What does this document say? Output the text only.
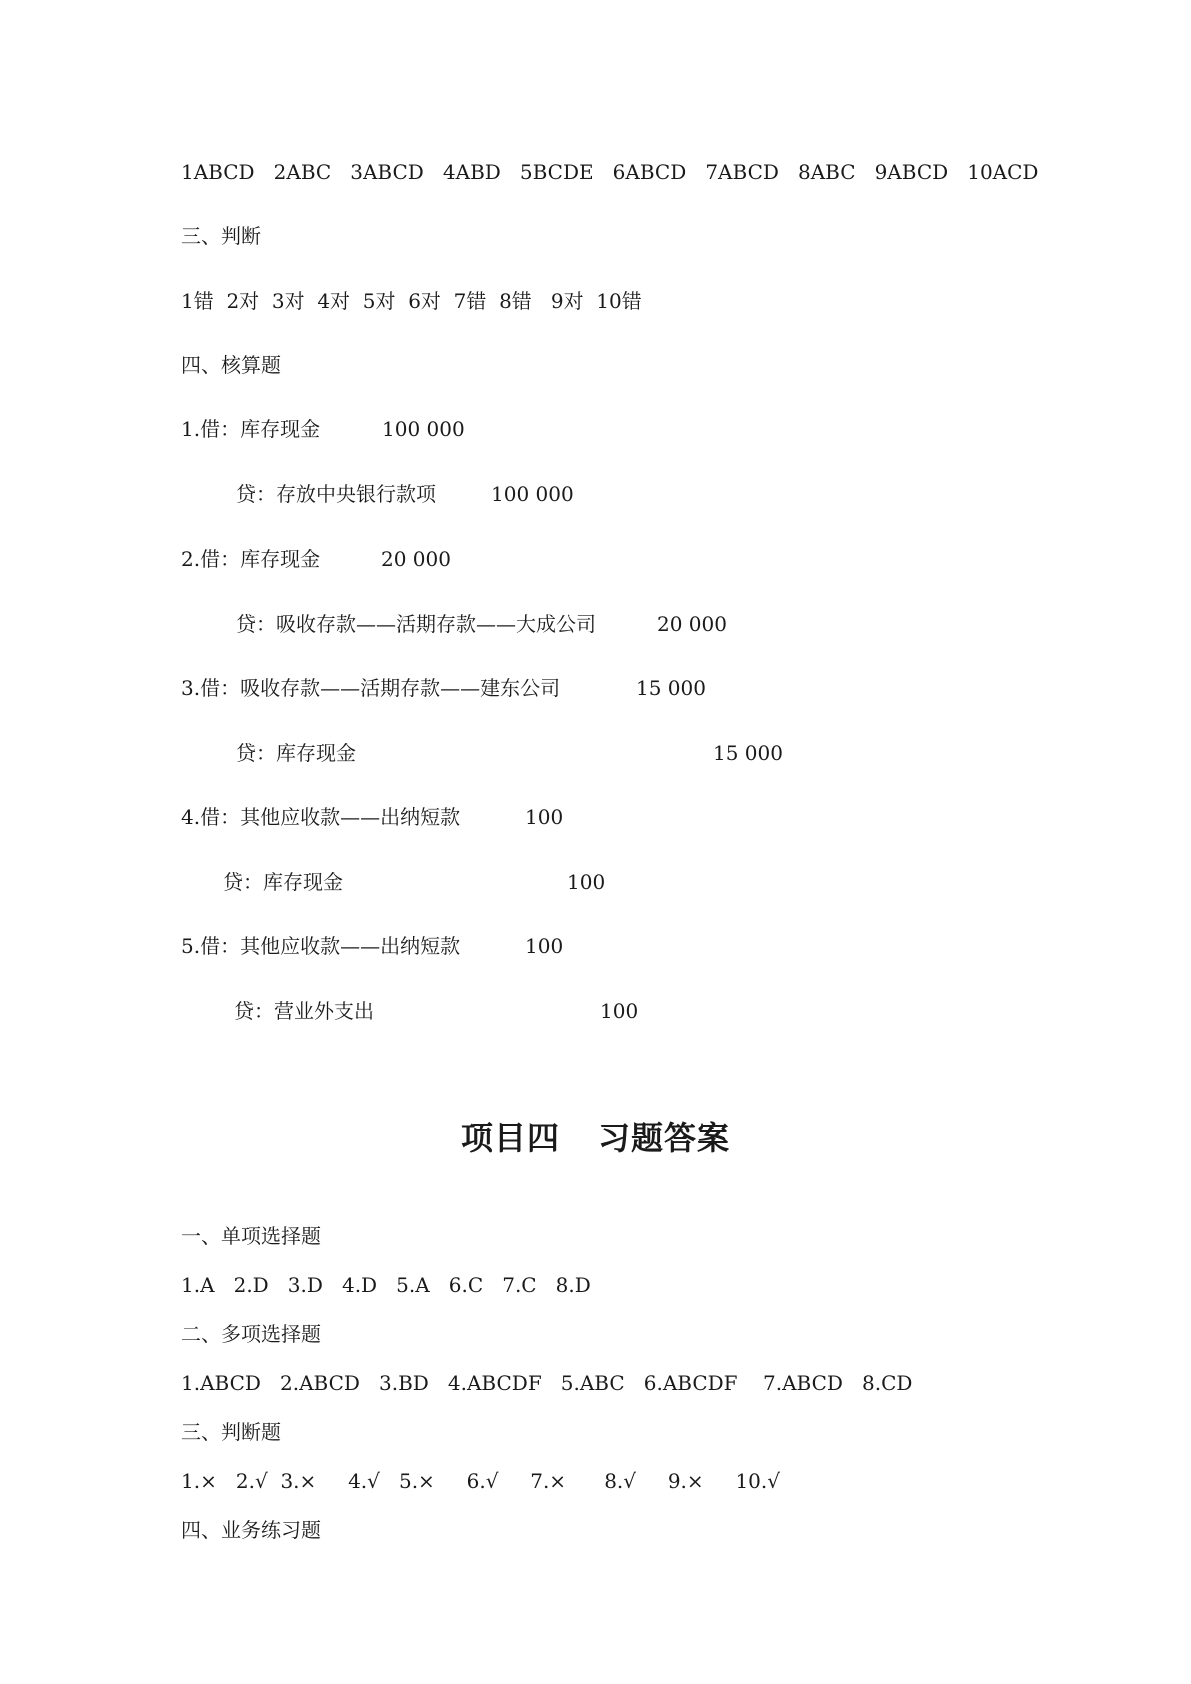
1ABCD   2ABC   3ABCD   4ABD   5BCDE   6ABCD   7ABCD   8ABC   9ABCD   10ACD
三、判断
1错  2对  3对  4对  5对  6对  7错  8错   9对  10错
四、核算题
1.借：库存现金	100 000
贷：存放中央银行款项	100 000
2.借：库存现金	20 000
贷：吸收存款——活期存款——大成公司	20 000
3.借：吸收存款——活期存款——建东公司	15 000
贷：库存现金	15 000
4.借：其他应收款——出纳短款	100
贷：库存现金	100
5.借：其他应收款——出纳短款	100
贷：营业外支出	100
项目四 习题答案
一、单项选择题
1.A   2.D   3.D   4.D   5.A   6.C   7.C   8.D
二、多项选择题
1.ABCD   2.ABCD   3.BD   4.ABCDF   5.ABC   6.ABCDF    7.ABCD   8.CD
三、判断题
1.×   2.√  3.×     4.√   5.×     6.√     7.×      8.√     9.×     10.√
四、业务练习题
